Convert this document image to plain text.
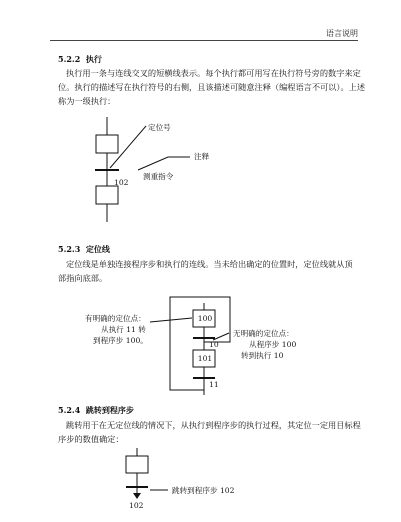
语言说明
5.2.2 执行
执行用一条与连线交叉的短横线表示。每个执行都可用写在执行符号旁的数字来定
位。执行的描述写在执行符号的右侧，且该描述可随意注释（编程语言不可以）。上述
称为一级执行：
5.2.3 定位线
定位线是单独连接程序步和执行的连线。当未给出确定的位置时，定位线就从顶
部指向底部。
5.2.4 跳转到程序步
跳转用于在无定位线的情况下，从执行到程序步的执行过程，其定位一定用目标程
序步的数值确定：
定位号
注释
102
测重指令
有明确的定位点：
从执行 11 转
到程序步 100。
100
101
10
11
无明确的定位点：
从程序步 100
转到执行 10
跳转到程序步 102
102
